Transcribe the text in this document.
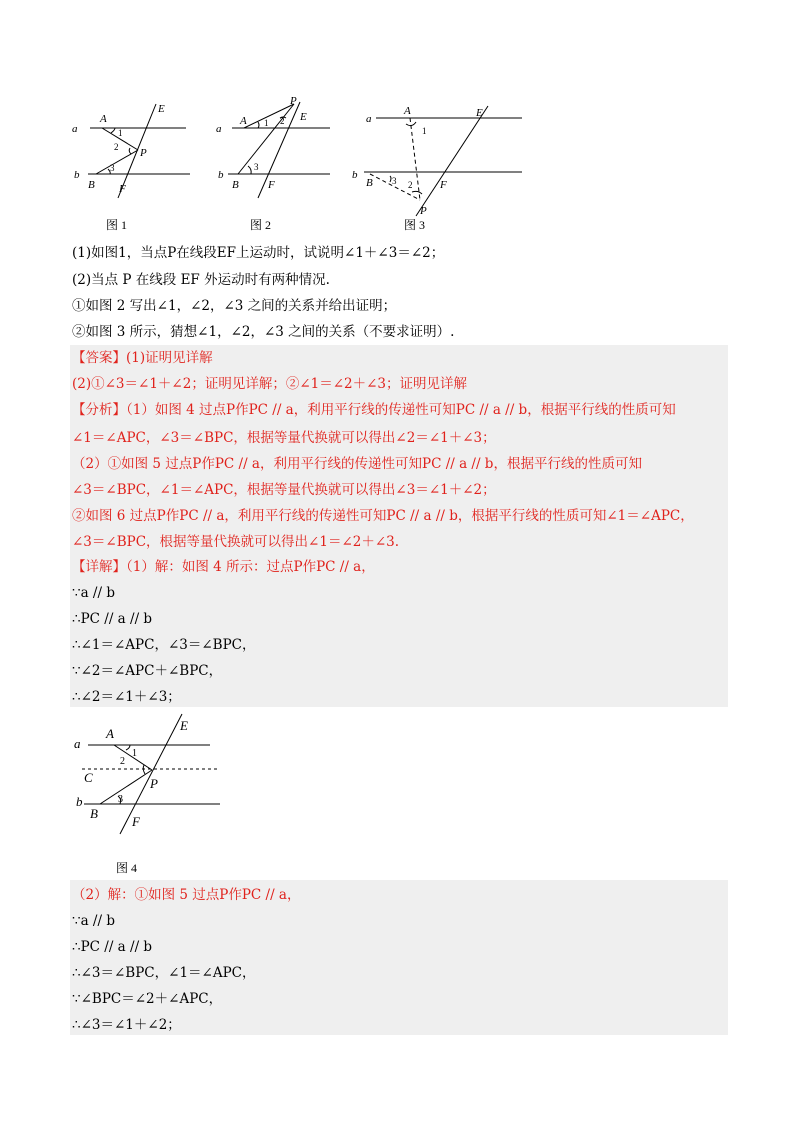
a
b
A
B
E
F
P
1
2
3
图 1
a
b
A
B
E
F
P
1 2
3
图 2
a
b
A
B
E
F
P
1
2
3
图 3
(1)如图1，当点P在线段EF上运动时，试说明∠1＋∠3＝∠2；
(2)当点 P 在线段 EF 外运动时有两种情况.
①如图 2 写出∠1，∠2，∠3 之间的关系并给出证明；
②如图 3 所示，猜想∠1，∠2，∠3 之间的关系（不要求证明）.
【答案】(1)证明见详解
(2)①∠3＝∠1＋∠2；证明见详解；②∠1＝∠2＋∠3；证明见详解
【分析】（1）如图 4 过点P作PC // a，利用平行线的传递性可知PC // a // b，根据平行线的性质可知
∠1＝∠APC，∠3＝∠BPC，根据等量代换就可以得出∠2＝∠1＋∠3；
（2）①如图 5 过点P作PC // a，利用平行线的传递性可知PC // a // b，根据平行线的性质可知
∠3＝∠BPC，∠1＝∠APC，根据等量代换就可以得出∠3＝∠1＋∠2；
②如图 6 过点P作PC // a，利用平行线的传递性可知PC // a // b，根据平行线的性质可知∠1＝∠APC，
∠3＝∠BPC，根据等量代换就可以得出∠1＝∠2＋∠3.
【详解】（1）解：如图 4 所示：过点P作PC // a，
∵a // b
∴PC // a // b
∴∠1＝∠APC，∠3＝∠BPC，
∵∠2＝∠APC＋∠BPC，
∴∠2＝∠1＋∠3；
a
b
A
B
C
E
F
P
1
2
3
图 4
（2）解：①如图 5 过点P作PC // a，
∵a // b
∴PC // a // b
∴∠3＝∠BPC，∠1＝∠APC，
∵∠BPC＝∠2＋∠APC，
∴∠3＝∠1＋∠2；
